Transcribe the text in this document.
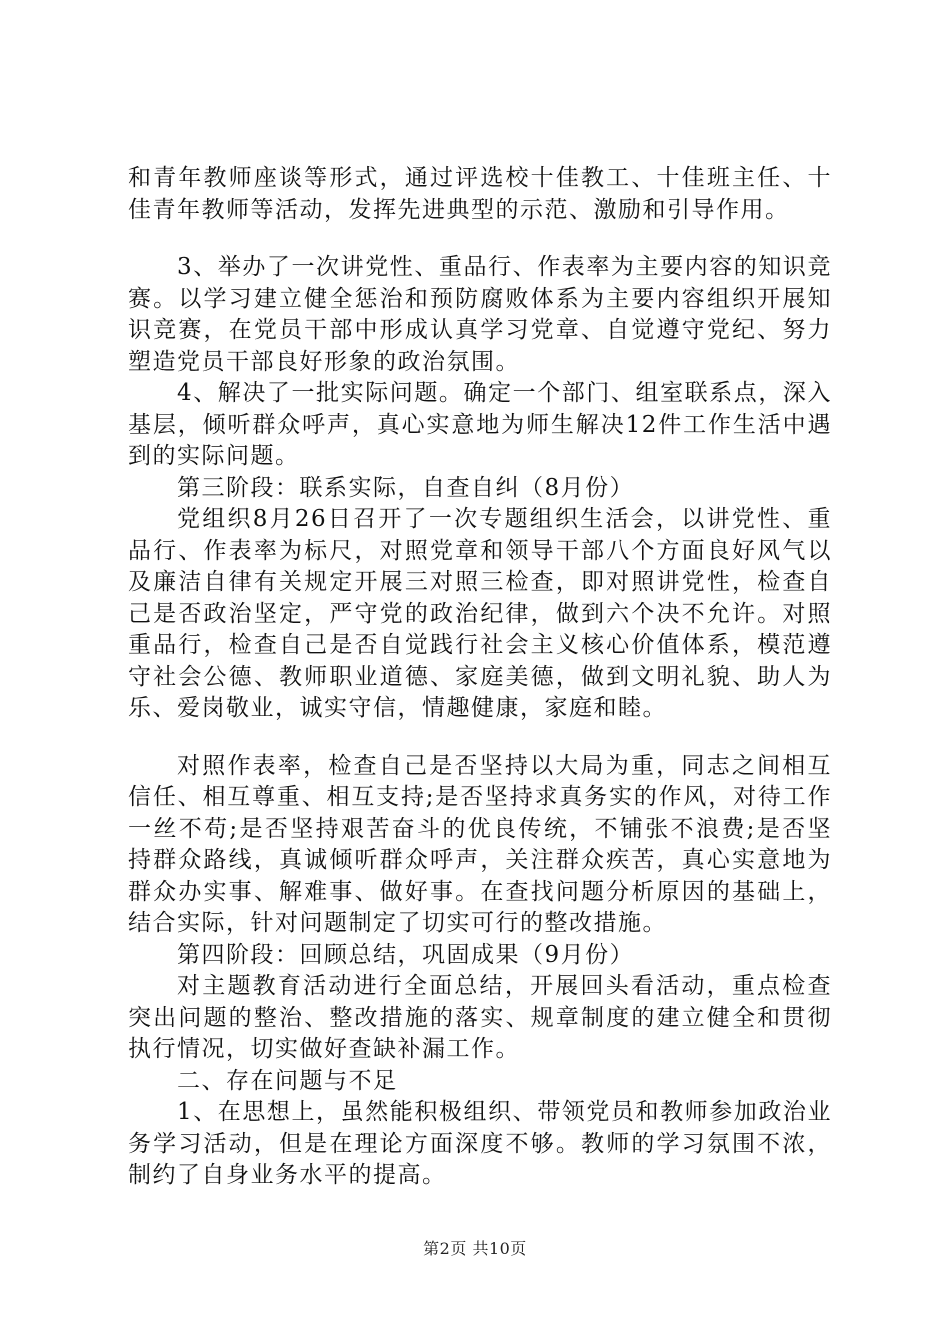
和青年教师座谈等形式，通过评选校十佳教工、十佳班主任、十佳青年教师等活动，发挥先进典型的示范、激励和引导作用。

3、举办了一次讲党性、重品行、作表率为主要内容的知识竞赛。以学习建立健全惩治和预防腐败体系为主要内容组织开展知识竞赛，在党员干部中形成认真学习党章、自觉遵守党纪、努力塑造党员干部良好形象的政治氛围。

4、解决了一批实际问题。确定一个部门、组室联系点，深入基层，倾听群众呼声，真心实意地为师生解决12件工作生活中遇到的实际问题。

第三阶段：联系实际，自查自纠（8月份）

党组织8月26日召开了一次专题组织生活会，以讲党性、重品行、作表率为标尺，对照党章和领导干部八个方面良好风气以及廉洁自律有关规定开展三对照三检查，即对照讲党性，检查自己是否政治坚定，严守党的政治纪律，做到六个决不允许。对照重品行，检查自己是否自觉践行社会主义核心价值体系，模范遵守社会公德、教师职业道德、家庭美德，做到文明礼貌、助人为乐、爱岗敬业，诚实守信，情趣健康，家庭和睦。

对照作表率，检查自己是否坚持以大局为重，同志之间相互信任、相互尊重、相互支持;是否坚持求真务实的作风，对待工作一丝不苟;是否坚持艰苦奋斗的优良传统，不铺张不浪费;是否坚持群众路线，真诚倾听群众呼声，关注群众疾苦，真心实意地为群众办实事、解难事、做好事。在查找问题分析原因的基础上，结合实际，针对问题制定了切实可行的整改措施。

第四阶段：回顾总结，巩固成果（9月份）

对主题教育活动进行全面总结，开展回头看活动，重点检查突出问题的整治、整改措施的落实、规章制度的建立健全和贯彻执行情况，切实做好查缺补漏工作。

二、存在问题与不足

1、在思想上，虽然能积极组织、带领党员和教师参加政治业务学习活动，但是在理论方面深度不够。教师的学习氛围不浓，制约了自身业务水平的提高。

第2页 共10页
